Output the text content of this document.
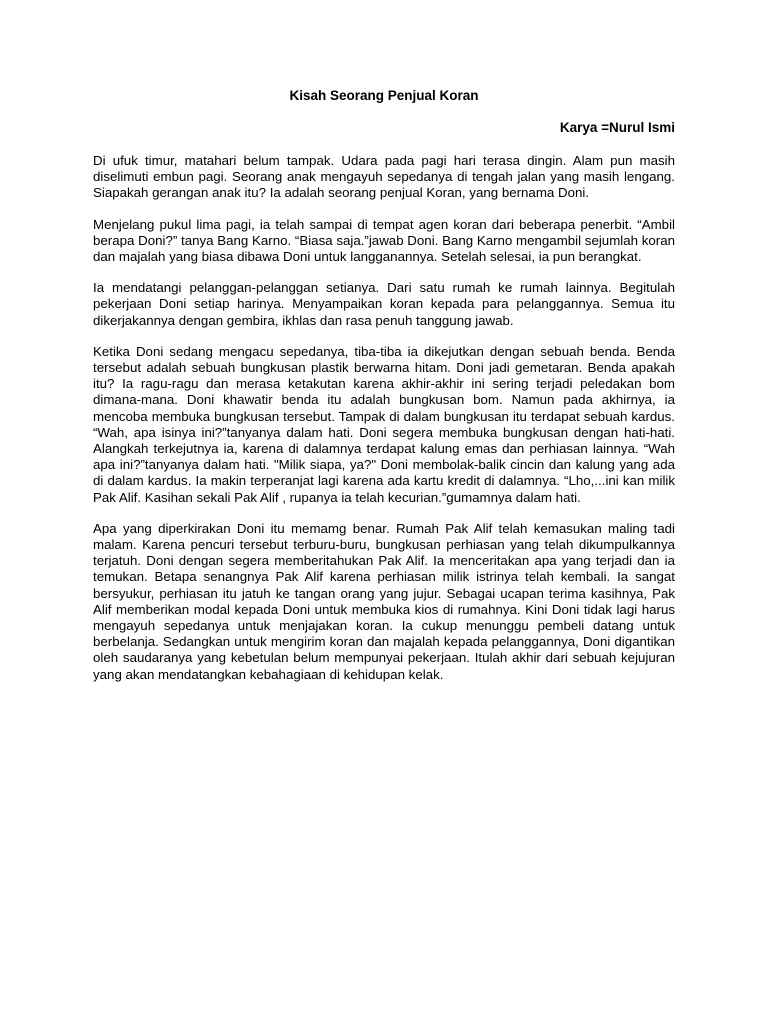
Kisah Seorang Penjual Koran

Karya =Nurul Ismi

Di ufuk timur, matahari belum tampak. Udara pada pagi hari terasa dingin. Alam pun masih diselimuti embun pagi. Seorang anak mengayuh sepedanya di tengah jalan yang masih lengang. Siapakah gerangan anak itu? Ia adalah seorang penjual Koran, yang bernama Doni.

Menjelang pukul lima pagi, ia telah sampai di tempat agen koran dari beberapa penerbit. “Ambil berapa Doni?” tanya Bang Karno. “Biasa saja.”jawab Doni. Bang Karno mengambil sejumlah koran dan majalah yang biasa dibawa Doni untuk langganannya. Setelah selesai, ia pun berangkat.

Ia mendatangi pelanggan-pelanggan setianya. Dari satu rumah ke rumah lainnya. Begitulah pekerjaan Doni setiap harinya. Menyampaikan koran kepada para pelanggannya. Semua itu dikerjakannya dengan gembira, ikhlas dan rasa penuh tanggung jawab.

Ketika Doni sedang mengacu sepedanya, tiba-tiba ia dikejutkan dengan sebuah benda. Benda tersebut adalah sebuah bungkusan plastik berwarna hitam. Doni jadi gemetaran. Benda apakah itu? Ia ragu-ragu dan merasa ketakutan karena akhir-akhir ini sering terjadi peledakan bom dimana-mana. Doni khawatir benda itu adalah bungkusan bom. Namun pada akhirnya, ia mencoba membuka bungkusan tersebut. Tampak di dalam bungkusan itu terdapat sebuah kardus. “Wah, apa isinya ini?”tanyanya dalam hati. Doni segera membuka bungkusan dengan hati-hati. Alangkah terkejutnya ia, karena di dalamnya terdapat kalung emas dan perhiasan lainnya. “Wah apa ini?”tanyanya dalam hati. "Milik siapa, ya?" Doni membolak-balik cincin dan kalung yang ada di dalam kardus. Ia makin terperanjat lagi karena ada kartu kredit di dalamnya. “Lho,...ini kan milik Pak Alif. Kasihan sekali Pak Alif , rupanya ia telah kecurian.”gumamnya dalam hati.

Apa yang diperkirakan Doni itu memamg benar. Rumah Pak Alif telah kemasukan maling tadi malam. Karena pencuri tersebut terburu-buru, bungkusan perhiasan yang telah dikumpulkannya terjatuh. Doni dengan segera memberitahukan Pak Alif. Ia menceritakan apa yang terjadi dan ia temukan. Betapa senangnya Pak Alif karena perhiasan milik istrinya telah kembali. Ia sangat bersyukur, perhiasan itu jatuh ke tangan orang yang jujur. Sebagai ucapan terima kasihnya, Pak Alif memberikan modal kepada Doni untuk membuka kios di rumahnya. Kini Doni tidak lagi harus mengayuh sepedanya untuk menjajakan koran. Ia cukup menunggu pembeli datang untuk berbelanja. Sedangkan untuk mengirim koran dan majalah kepada pelanggannya, Doni digantikan oleh saudaranya yang kebetulan belum mempunyai pekerjaan. Itulah akhir dari sebuah kejujuran yang akan mendatangkan kebahagiaan di kehidupan kelak.
